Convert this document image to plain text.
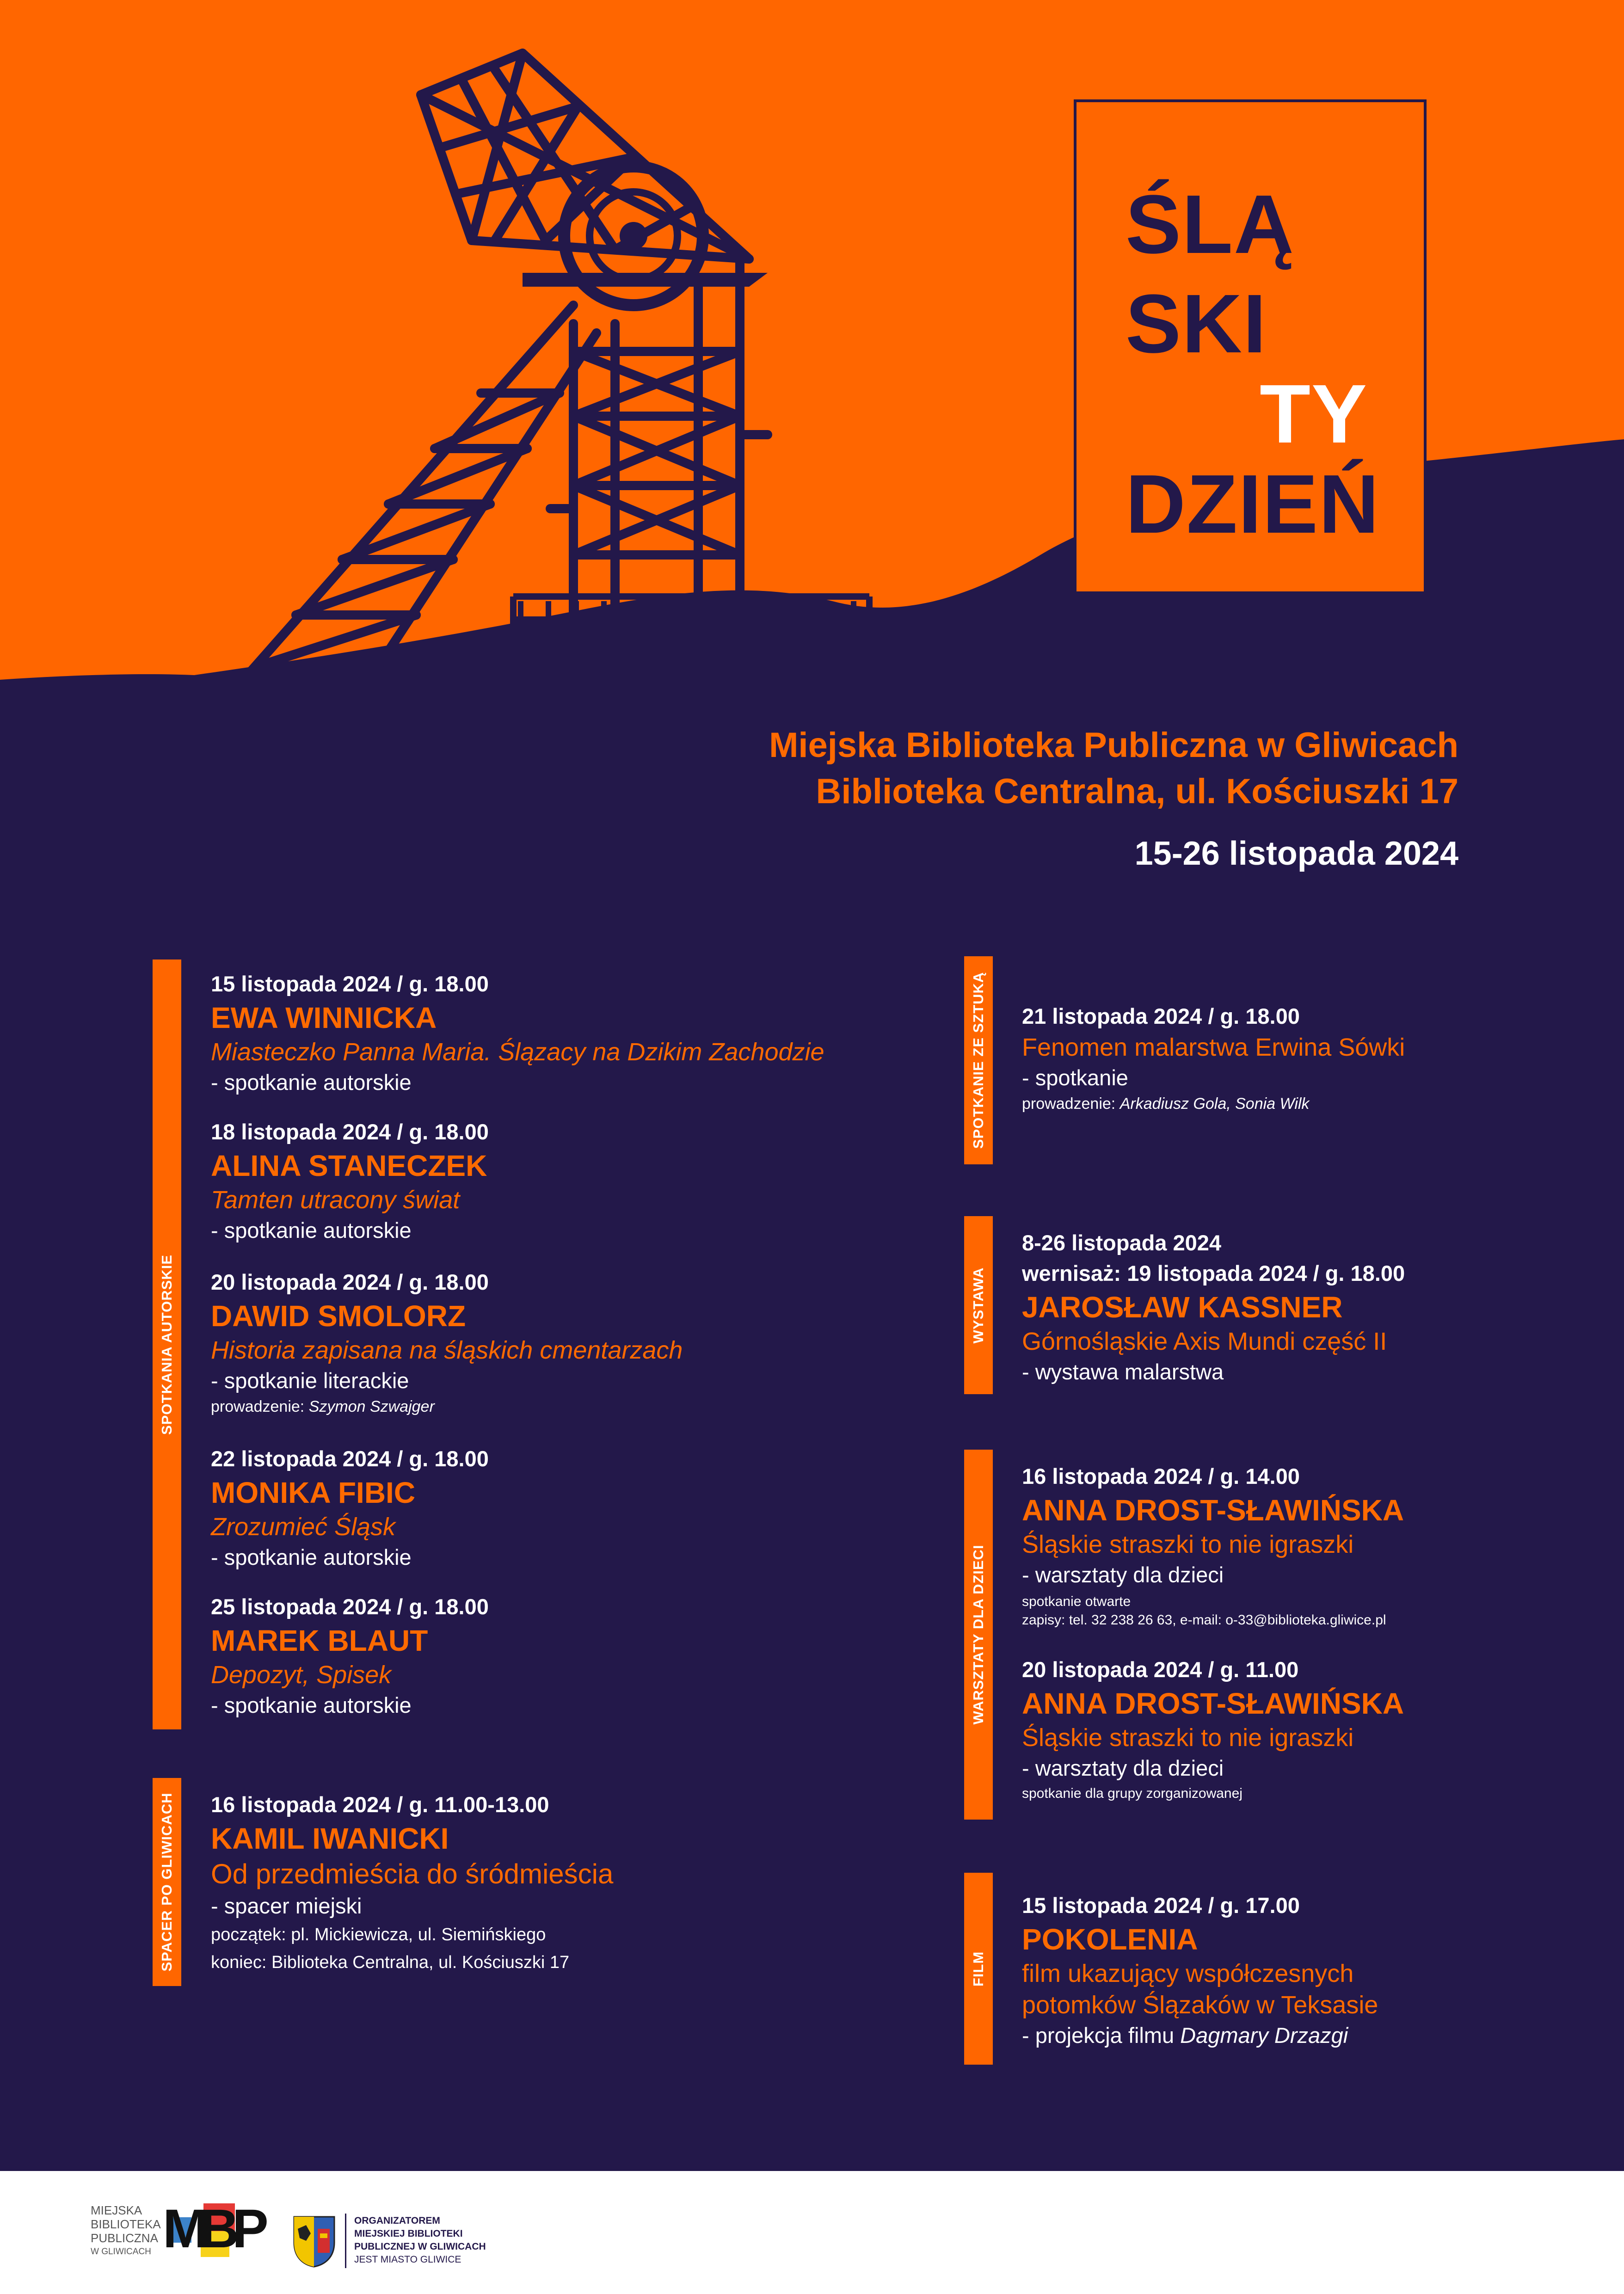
ŚLĄ
SKI
TY
DZIEŃ
Miejska Biblioteka Publiczna w Gliwicach
Biblioteka Centralna, ul. Kościuszki 17
15-26 listopada 2024
SPOTKANIA AUTORSKIE
SPACER PO GLIWICACH
SPOTKANIE ZE SZTUKĄ
WYSTAWA
WARSZTATY DLA DZIECI
FILM
15 listopada 2024 / g. 18.00
EWA WINNICKA
Miasteczko Panna Maria. Ślązacy na Dzikim Zachodzie
- spotkanie autorskie
18 listopada 2024 / g. 18.00
ALINA STANECZEK
Tamten utracony świat
- spotkanie autorskie
20 listopada 2024 / g. 18.00
DAWID SMOLORZ
Historia zapisana na śląskich cmentarzach
- spotkanie literackie
prowadzenie: Szymon Szwajger
22 listopada 2024 / g. 18.00
MONIKA FIBIC
Zrozumieć Śląsk
- spotkanie autorskie
25 listopada 2024 / g. 18.00
MAREK BLAUT
Depozyt, Spisek
- spotkanie autorskie
16 listopada 2024 / g. 11.00-13.00
KAMIL IWANICKI
Od przedmieścia do śródmieścia
- spacer miejski
początek: pl. Mickiewicza, ul. Siemińskiego
koniec: Biblioteka Centralna, ul. Kościuszki 17
21 listopada 2024 / g. 18.00
Fenomen malarstwa Erwina Sówki
- spotkanie
prowadzenie: Arkadiusz Gola, Sonia Wilk
8-26 listopada 2024
wernisaż: 19 listopada 2024 / g. 18.00
JAROSŁAW KASSNER
Górnośląskie Axis Mundi część II
- wystawa malarstwa
16 listopada 2024 / g. 14.00
ANNA DROST-SŁAWIŃSKA
Śląskie straszki to nie igraszki
- warsztaty dla dzieci
spotkanie otwarte
zapisy: tel. 32 238 26 63, e-mail: o-33@biblioteka.gliwice.pl
20 listopada 2024 / g. 11.00
ANNA DROST-SŁAWIŃSKA
Śląskie straszki to nie igraszki
- warsztaty dla dzieci
spotkanie dla grupy zorganizowanej
15 listopada 2024 / g. 17.00
POKOLENIA
film ukazujący współczesnych
potomków Ślązaków w Teksasie
- projekcja filmu Dagmary Drzazgi
MIEJSKA
BIBLIOTEKA
PUBLICZNA
W GLIWICACH M
B
P	ORGANIZATOREM
MIEJSKIEJ BIBLIOTEKI
PUBLICZNEJ W GLIWICACH
JEST MIASTO GLIWICE
